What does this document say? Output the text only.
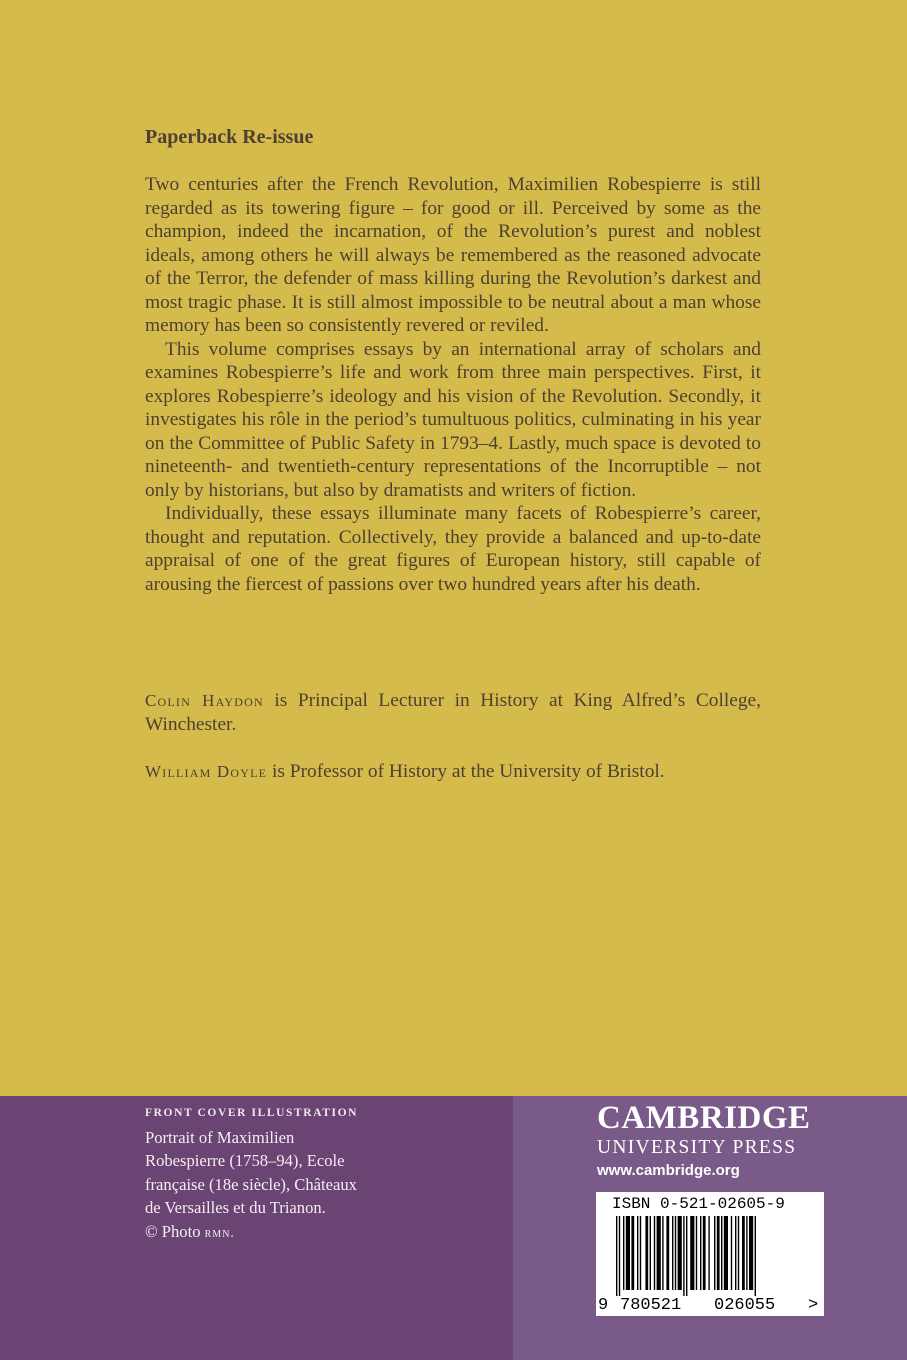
Paperback Re-issue

Two centuries after the French Revolution, Maximilien Robespierre is still regarded as its towering figure – for good or ill. Perceived by some as the champion, indeed the incarnation, of the Revolution’s purest and noblest ideals, among others he will always be remembered as the reasoned advocate of the Terror, the defender of mass killing during the Revolution’s darkest and most tragic phase. It is still almost impossible to be neutral about a man whose memory has been so consistently revered or reviled.

This volume comprises essays by an international array of scholars and examines Robespierre’s life and work from three main perspectives. First, it explores Robespierre’s ideology and his vision of the Revolution. Secondly, it investigates his rôle in the period’s tumultuous politics, culminating in his year on the Committee of Public Safety in 1793–4. Lastly, much space is devoted to nineteenth- and twentieth-century representations of the Incorruptible – not only by historians, but also by dramatists and writers of fiction.

Individually, these essays illuminate many facets of Robespierre’s career, thought and reputation. Collectively, they provide a balanced and up-to-date appraisal of one of the great figures of European history, still capable of arousing the fiercest of passions over two hundred years after his death.

Colin Haydon is Principal Lecturer in History at King Alfred’s College, Winchester.

William Doyle is Professor of History at the University of Bristol.

FRONT COVER ILLUSTRATION
Portrait of Maximilien
Robespierre (1758–94), Ecole
française (18e siècle), Châteaux
de Versailles et du Trianon.
© Photo rmn.
CAMBRIDGE
UNIVERSITY PRESS
www.cambridge.org
ISBN 0-521-02605-9
9 780521 026055 >
